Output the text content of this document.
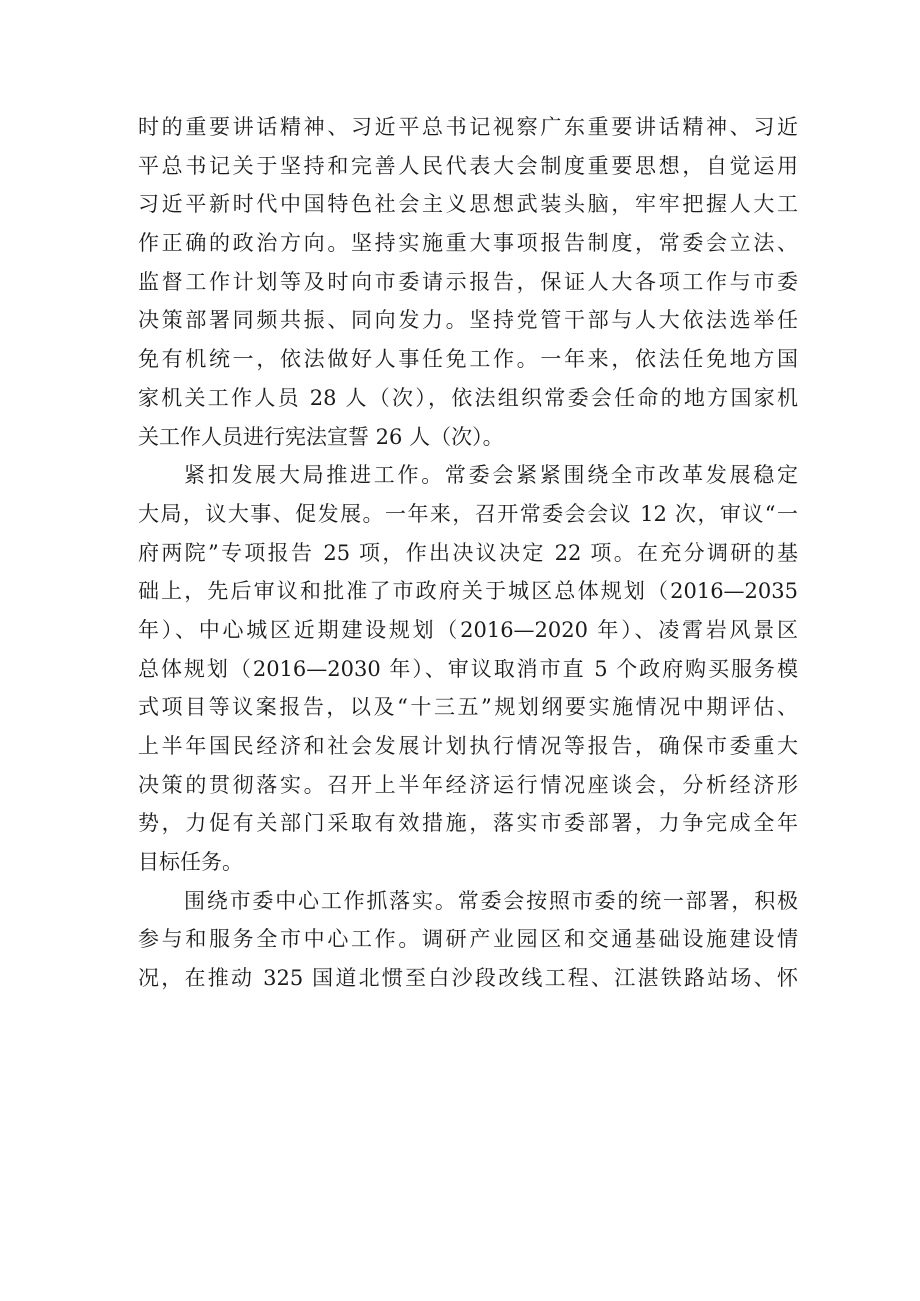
时的重要讲话精神、习近平总书记视察广东重要讲话精神、习近
平总书记关于坚持和完善人民代表大会制度重要思想，自觉运用
习近平新时代中国特色社会主义思想武装头脑，牢牢把握人大工
作正确的政治方向。坚持实施重大事项报告制度，常委会立法、
监督工作计划等及时向市委请示报告，保证人大各项工作与市委
决策部署同频共振、同向发力。坚持党管干部与人大依法选举任
免有机统一，依法做好人事任免工作。一年来，依法任免地方国
家机关工作人员 28 人（次），依法组织常委会任命的地方国家机
关工作人员进行宪法宣誓 26 人（次）。
紧扣发展大局推进工作。常委会紧紧围绕全市改革发展稳定
大局，议大事、促发展。一年来，召开常委会会议 12 次，审议“一
府两院”专项报告 25 项，作出决议决定 22 项。在充分调研的基
础上，先后审议和批准了市政府关于城区总体规划（2016—2035
年）、中心城区近期建设规划（2016—2020 年）、凌霄岩风景区
总体规划（2016—2030 年）、审议取消市直 5 个政府购买服务模
式项目等议案报告，以及“十三五”规划纲要实施情况中期评估、
上半年国民经济和社会发展计划执行情况等报告，确保市委重大
决策的贯彻落实。召开上半年经济运行情况座谈会，分析经济形
势，力促有关部门采取有效措施，落实市委部署，力争完成全年
目标任务。
围绕市委中心工作抓落实。常委会按照市委的统一部署，积极
参与和服务全市中心工作。调研产业园区和交通基础设施建设情
况，在推动 325 国道北惯至白沙段改线工程、江湛铁路站场、怀
